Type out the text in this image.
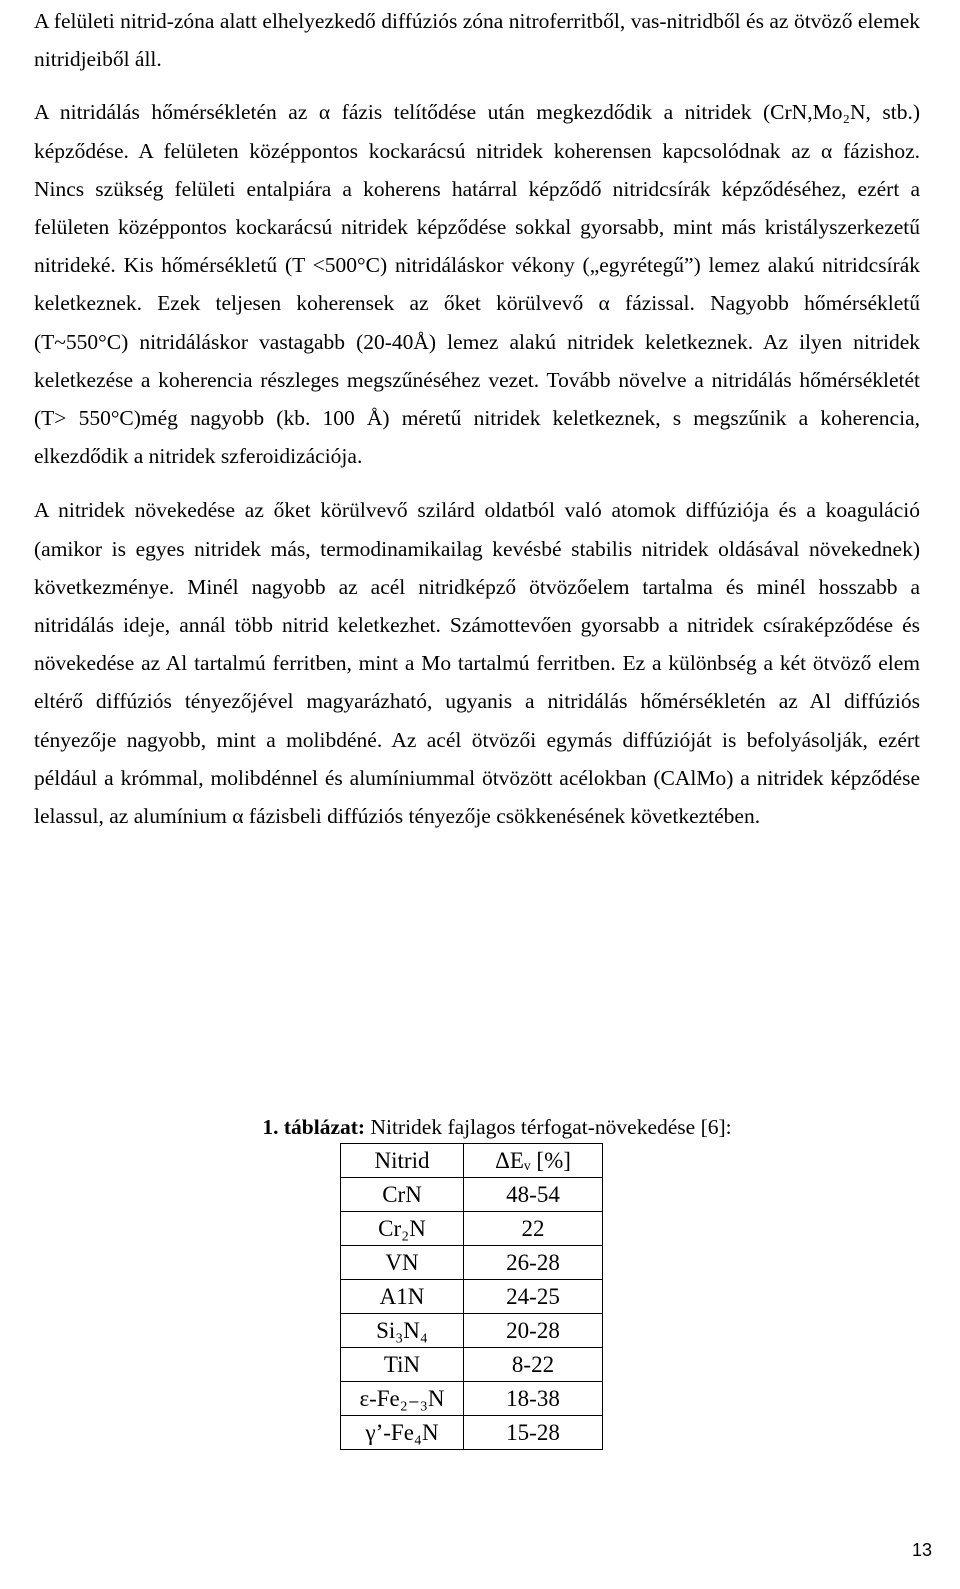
A felületi nitrid-zóna alatt elhelyezkedő diffúziós zóna nitroferritből, vas-nitridből és az ötvöző elemek nitridjeiből áll.

A nitridálás hőmérsékletén az α fázis telítődése után megkezdődik a nitridek (CrN,Mo₂N, stb.) képződése. A felületen középpontos kockarácsú nitridek koherensen kapcsolódnak az α fázishoz. Nincs szükség felületi entalpiára a koherens határral képződő nitridcsírák képződéséhez, ezért a felületen középpontos kockarácsú nitridek képződése sokkal gyorsabb, mint más kristályszerkezetű nitrideké. Kis hőmérsékletű (T <500°C) nitridáláskor vékony („egyrétegű”) lemez alakú nitridcsírák keletkeznek. Ezek teljesen koherensek az őket körülvevő α fázissal. Nagyobb hőmérsékletű (T~550°C) nitridáláskor vastagabb (20-40Å) lemez alakú nitridek keletkeznek. Az ilyen nitridek keletkezése a koherencia részleges megszűnéséhez vezet. Tovább növelve a nitridálás hőmérsékletét (T> 550°C)még nagyobb (kb. 100 Å) méretű nitridek keletkeznek, s megszűnik a koherencia, elkezdődik a nitridek szferoidizációja.

A nitridek növekedése az őket körülvevő szilárd oldatból való atomok diffúziója és a koaguláció (amikor is egyes nitridek más, termodinamikailag kevésbé stabilis nitridek oldásával növekednek) következménye. Minél nagyobb az acél nitridképző ötvözőelem tartalma és minél hosszabb a nitridálás ideje, annál több nitrid keletkezhet. Számottevően gyorsabb a nitridek csíraképződése és növekedése az Al tartalmú ferritben, mint a Mo tartalmú ferritben. Ez a különbség a két ötvöző elem eltérő diffúziós tényezőjével magyarázható, ugyanis a nitridálás hőmérsékletén az Al diffúziós tényezője nagyobb, mint a molibdéné. Az acél ötvözői egymás diffúzióját is befolyásolják, ezért például a krómmal, molibdénnel és alumíniummal ötvözött acélokban (CAlMo) a nitridek képződése lelassul, az alumínium α fázisbeli diffúziós tényezője csökkenésének következtében.

1. táblázat: Nitridek fajlagos térfogat-növekedése [6]:
Nitrid	ΔEᵥ [%]
CrN	48-54
Cr₂N	22
VN	26-28
A1N	24-25
Si₃N₄	20-28
TiN	8-22
ε-Fe₂₋₃N	18-38
γ’-Fe₄N	15-28
13
